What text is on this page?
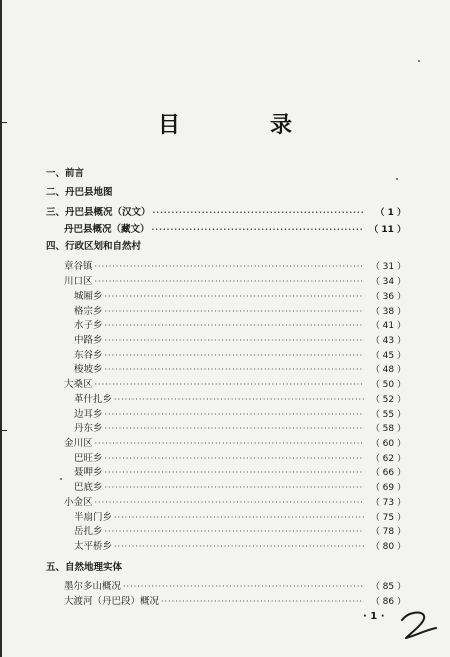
目　录
一、前言
二、丹巴县地图
三、丹巴县概况（汉文） ·····	（ 1 ）
丹巴县概况（藏文） ·····	（ 11 ）
四、行政区划和自然村
章谷镇 ·····	（ 31 ）
川口区 ·····	（ 34 ）
城厢乡 ·····	（ 36 ）
格宗乡 ·····	（ 38 ）
水子乡 ·····	（ 41 ）
中路乡 ·····	（ 43 ）
东谷乡 ·····	（ 45 ）
梭坡乡 ·····	（ 48 ）
大桑区 ·····	（ 50 ）
革什扎乡 ·····	（ 52 ）
边耳乡 ·····	（ 55 ）
丹东乡 ·····	（ 58 ）
金川区 ·····	（ 60 ）
巴旺乡 ·····	（ 62 ）
聂呷乡 ·····	（ 66 ）
巴底乡 ·····	（ 69 ）
小金区 ·····	（ 73 ）
半扇门乡 ·····	（ 75 ）
岳扎乡 ·····	（ 78 ）
太平桥乡 ·····	（ 80 ）
五、自然地理实体
墨尔多山概况 ·····	（ 85 ）
大渡河（丹巴段）概况 ·····	（ 86 ）
· 1 ·
